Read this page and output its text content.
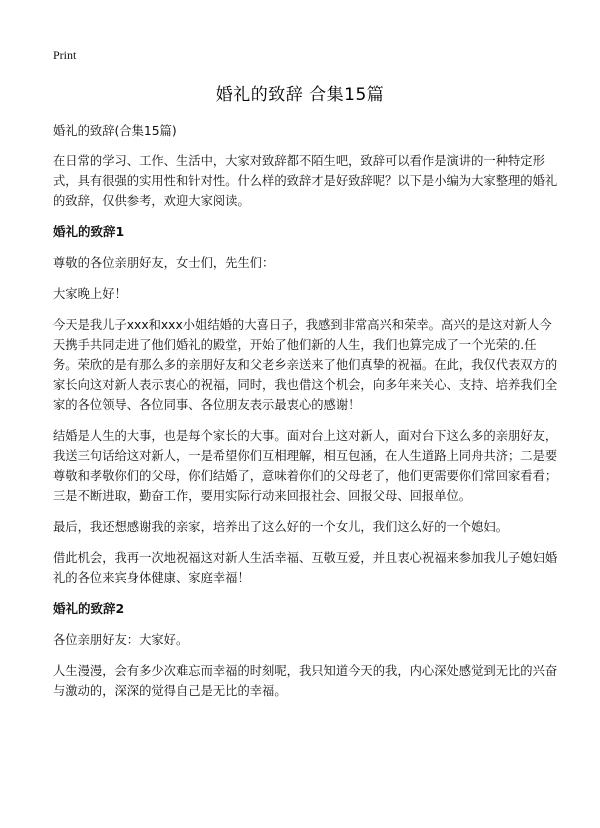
Print
婚礼的致辞 合集15篇

婚礼的致辞(合集15篇)

在日常的学习、工作、生活中，大家对致辞都不陌生吧，致辞可以看作是演讲的一种特定形式，具有很强的实用性和针对性。什么样的致辞才是好致辞呢？以下是小编为大家整理的婚礼的致辞，仅供参考，欢迎大家阅读。

婚礼的致辞1

尊敬的各位亲朋好友，女士们，先生们：

大家晚上好！

今天是我儿子xxx和xxx小姐结婚的大喜日子，我感到非常高兴和荣幸。高兴的是这对新人今天携手共同走进了他们婚礼的殿堂，开始了他们新的人生，我们也算完成了一个光荣的.任务。荣欣的是有那么多的亲朋好友和父老乡亲送来了他们真挚的祝福。在此，我仅代表双方的家长向这对新人表示衷心的祝福，同时，我也借这个机会，向多年来关心、支持、培养我们全家的各位领导、各位同事、各位朋友表示最衷心的感谢！

结婚是人生的大事，也是每个家长的大事。面对台上这对新人，面对台下这么多的亲朋好友，我送三句话给这对新人，一是希望你们互相理解，相互包涵，在人生道路上同舟共济；二是要尊敬和孝敬你们的父母，你们结婚了，意味着你们的父母老了，他们更需要你们常回家看看；三是不断进取，勤奋工作，要用实际行动来回报社会、回报父母、回报单位。

最后，我还想感谢我的亲家，培养出了这么好的一个女儿，我们这么好的一个媳妇。

借此机会，我再一次地祝福这对新人生活幸福、互敬互爱，并且衷心祝福来参加我儿子媳妇婚礼的各位来宾身体健康、家庭幸福！

婚礼的致辞2

各位亲朋好友：大家好。

人生漫漫，会有多少次难忘而幸福的时刻呢，我只知道今天的我，内心深处感觉到无比的兴奋与激动的，深深的觉得自己是无比的幸福。
